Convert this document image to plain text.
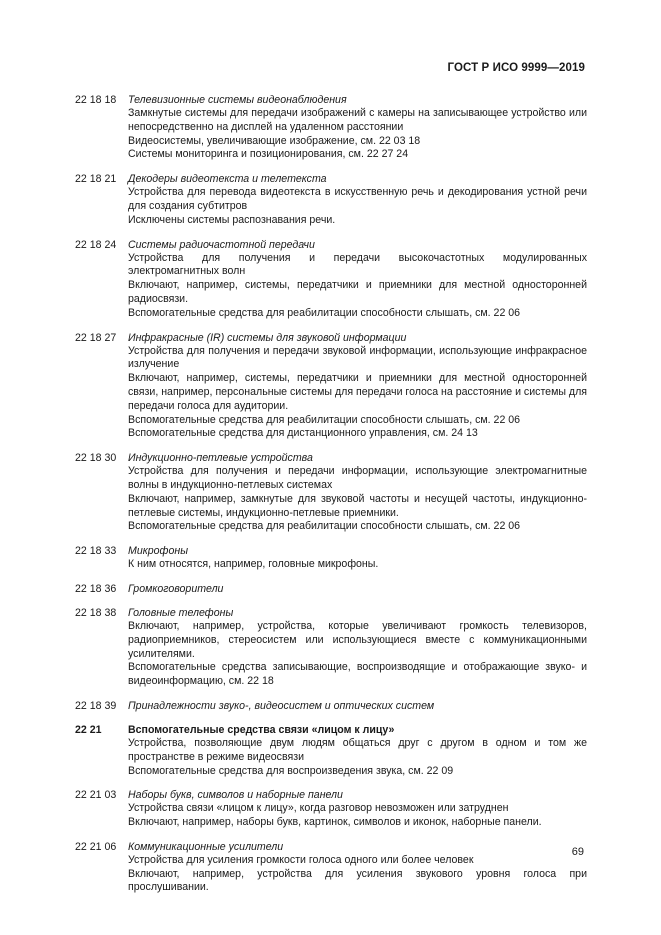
ГОСТ Р ИСО 9999—2019
22 18 18	Телевизионные системы видеонаблюдения
Замкнутые системы для передачи изображений с камеры на записывающее устройство или непосредственно на дисплей на удаленном расстоянии
Видеосистемы, увеличивающие изображение, см. 22 03 18
Системы мониторинга и позиционирования, см. 22 27 24
22 18 21	Декодеры видеотекста и телетекста
Устройства для перевода видеотекста в искусственную речь и декодирования устной речи для создания субтитров
Исключены системы распознавания речи.
22 18 24	Системы радиочастотной передачи
Устройства для получения и передачи высокочастотных модулированных электромагнитных волн
Включают, например, системы, передатчики и приемники для местной односторонней радиосвязи.
Вспомогательные средства для реабилитации способности слышать, см. 22 06
22 18 27	Инфракрасные (IR) системы для звуковой информации
Устройства для получения и передачи звуковой информации, использующие инфракрасное излучение
Включают, например, системы, передатчики и приемники для местной односторонней связи, например, персональные системы для передачи голоса на расстояние и системы для передачи голоса для аудитории.
Вспомогательные средства для реабилитации способности слышать, см. 22 06
Вспомогательные средства для дистанционного управления, см. 24 13
22 18 30	Индукционно-петлевые устройства
Устройства для получения и передачи информации, использующие электромагнитные волны в индукционно-петлевых системах
Включают, например, замкнутые для звуковой частоты и несущей частоты, индукционно-петлевые системы, индукционно-петлевые приемники.
Вспомогательные средства для реабилитации способности слышать, см. 22 06
22 18 33	Микрофоны
К ним относятся, например, головные микрофоны.
22 18 36	Громкоговорители
22 18 38	Головные телефоны
Включают, например, устройства, которые увеличивают громкость телевизоров, радиоприемников, стереосистем или использующиеся вместе с коммуникационными усилителями.
Вспомогательные средства записывающие, воспроизводящие и отображающие звуко- и видеоинформацию, см. 22 18
22 18 39	Принадлежности звуко-, видеосистем и оптических систем
22 21	Вспомогательные средства связи «лицом к лицу»
Устройства, позволяющие двум людям общаться друг с другом в одном и том же пространстве в режиме видеосвязи
Вспомогательные средства для воспроизведения звука, см. 22 09
22 21 03	Наборы букв, символов и наборные панели
Устройства связи «лицом к лицу», когда разговор невозможен или затруднен
Включают, например, наборы букв, картинок, символов и иконок, наборные панели.
22 21 06	Коммуникационные усилители
Устройства для усиления громкости голоса одного или более человек
Включают, например, устройства для усиления звукового уровня голоса при прослушивании.
69
